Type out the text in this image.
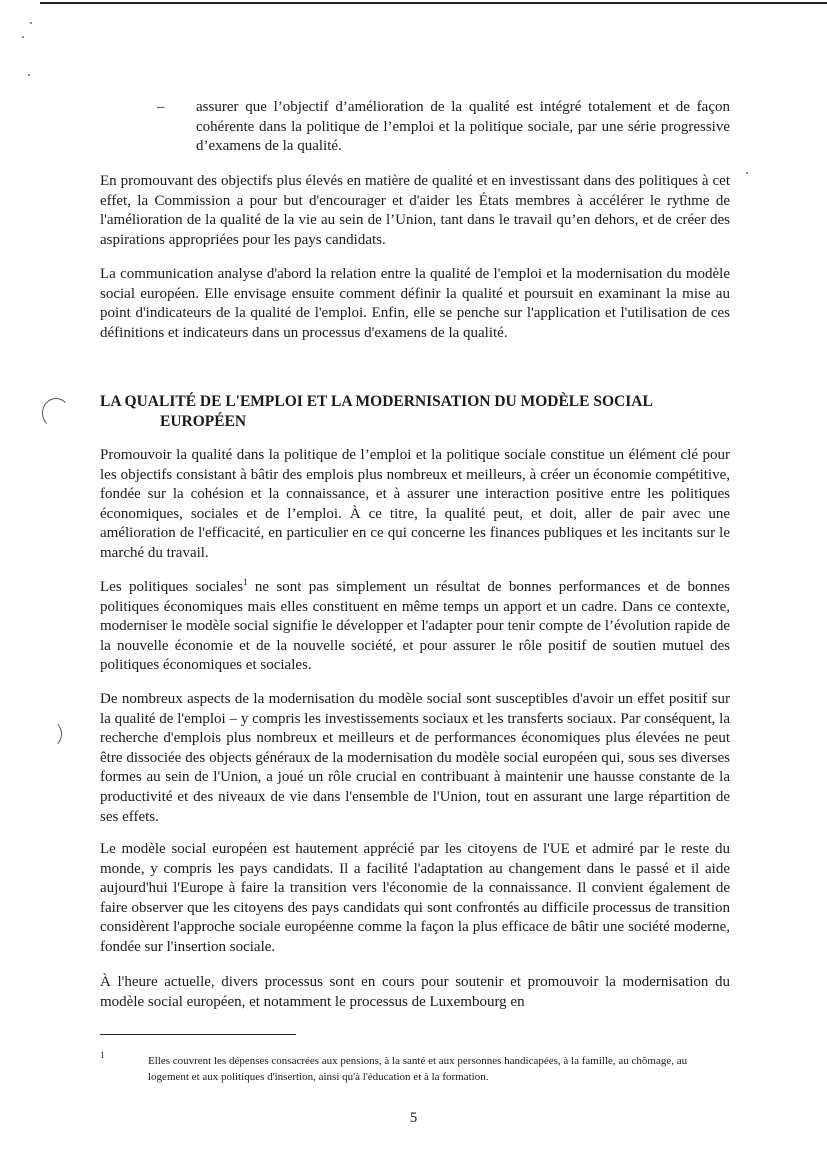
– assurer que l’objectif d’amélioration de la qualité est intégré totalement et de façon cohérente dans la politique de l’emploi et la politique sociale, par une série progressive d’examens de la qualité.

En promouvant des objectifs plus élevés en matière de qualité et en investissant dans des politiques à cet effet, la Commission a pour but d'encourager et d'aider les États membres à accélérer le rythme de l'amélioration de la qualité de la vie au sein de l’Union, tant dans le travail qu’en dehors, et de créer des aspirations appropriées pour les pays candidats.

La communication analyse d'abord la relation entre la qualité de l'emploi et la modernisation du modèle social européen. Elle envisage ensuite comment définir la qualité et poursuit en examinant la mise au point d'indicateurs de la qualité de l'emploi. Enfin, elle se penche sur l'application et l'utilisation de ces définitions et indicateurs dans un processus d'examens de la qualité.

LA QUALITÉ DE L'EMPLOI ET LA MODERNISATION DU MODÈLE SOCIAL
EUROPÉEN

Promouvoir la qualité dans la politique de l’emploi et la politique sociale constitue un élément clé pour les objectifs consistant à bâtir des emplois plus nombreux et meilleurs, à créer un économie compétitive, fondée sur la cohésion et la connaissance, et à assurer une interaction positive entre les politiques économiques, sociales et de l’emploi. À ce titre, la qualité peut, et doit, aller de pair avec une amélioration de l'efficacité, en particulier en ce qui concerne les finances publiques et les incitants sur le marché du travail.

Les politiques sociales$^1$ ne sont pas simplement un résultat de bonnes performances et de bonnes politiques économiques mais elles constituent en même temps un apport et un cadre. Dans ce contexte, moderniser le modèle social signifie le développer et l'adapter pour tenir compte de l’évolution rapide de la nouvelle économie et de la nouvelle société, et pour assurer le rôle positif de soutien mutuel des politiques économiques et sociales.

De nombreux aspects de la modernisation du modèle social sont susceptibles d'avoir un effet positif sur la qualité de l'emploi – y compris les investissements sociaux et les transferts sociaux. Par conséquent, la recherche d'emplois plus nombreux et meilleurs et de performances économiques plus élevées ne peut être dissociée des objects généraux de la modernisation du modèle social européen qui, sous ses diverses formes au sein de l'Union, a joué un rôle crucial en contribuant à maintenir une hausse constante de la productivité et des niveaux de vie dans l'ensemble de l'Union, tout en assurant une large répartition de ses effets.

Le modèle social européen est hautement apprécié par les citoyens de l'UE et admiré par le reste du monde, y compris les pays candidats. Il a facilité l'adaptation au changement dans le passé et il aide aujourd'hui l'Europe à faire la transition vers l'économie de la connaissance. Il convient également de faire observer que les citoyens des pays candidats qui sont confrontés au difficile processus de transition considèrent l'approche sociale européenne comme la façon la plus efficace de bâtir une société moderne, fondée sur l'insertion sociale.

À l'heure actuelle, divers processus sont en cours pour soutenir et promouvoir la modernisation du modèle social européen, et notamment le processus de Luxembourg en

1	Elles couvrent les dépenses consacrées aux pensions, à la santé et aux personnes handicapées, à la famille, au chômage, au logement et aux politiques d'insertion, ainsi qu'à l'éducation et à la formation.

5
